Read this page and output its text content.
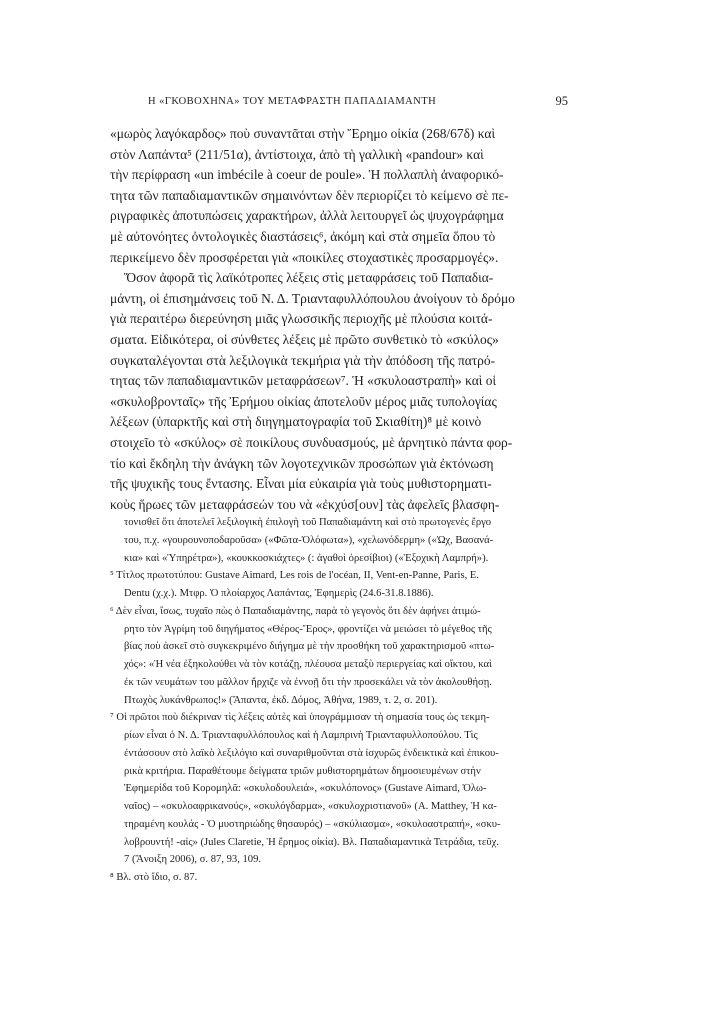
Η «ΓΚΟΒΟΧΗΝΑ» ΤΟΥ ΜΕΤΑΦΡΑΣΤΗ ΠΑΠΑΔΙΑΜΑΝΤΗ	95
«μωρὸς λαγόκαρδος» ποὺ συναντᾶται στὴν Ἔρημο οἰκία (268/67δ) καὶ
στὸν Λαπάντα⁵ (211/51α), ἀντίστοιχα, ἀπὸ τὴ γαλλικὴ «pandour» καὶ
τὴν περίφραση «un imbécile à coeur de poule». Ἡ πολλαπλὴ ἀναφορικό-
τητα τῶν παπαδιαμαντικῶν σημαινόντων δὲν περιορίζει τὸ κείμενο σὲ πε-
ριγραφικὲς ἀποτυπώσεις χαρακτήρων, ἀλλὰ λειτουργεῖ ὡς ψυχογράφημα
μὲ αὐτονόητες ὀντολογικὲς διαστάσεις⁶, ἀκόμη καὶ στὰ σημεῖα ὅπου τὸ
περικείμενο δὲν προσφέρεται γιὰ «ποικίλες στοχαστικὲς προσαρμογές».
Ὅσον ἀφορᾶ τὶς λαϊκότροπες λέξεις στὶς μεταφράσεις τοῦ Παπαδια-
μάντη, οἱ ἐπισημάνσεις τοῦ Ν. Δ. Τριανταφυλλόπουλου ἀνοίγουν τὸ δρόμο
γιὰ περαιτέρω διερεύνηση μιᾶς γλωσσικῆς περιοχῆς μὲ πλούσια κοιτά-
σματα. Εἰδικότερα, οἱ σύνθετες λέξεις μὲ πρῶτο συνθετικὸ τὸ «σκύλος»
συγκαταλέγονται στὰ λεξιλογικὰ τεκμήρια γιὰ τὴν ἀπόδοση τῆς πατρό-
τητας τῶν παπαδιαμαντικῶν μεταφράσεων⁷. Ἡ «σκυλοαστραπὴ» καὶ οἱ
«σκυλοβρονταῖς» τῆς Ἐρήμου οἰκίας ἀποτελοῦν μέρος μιᾶς τυπολογίας
λέξεων (ὑπαρκτῆς καὶ στὴ διηγηματογραφία τοῦ Σκιαθίτη)⁸ μὲ κοινὸ
στοιχεῖο τὸ «σκύλος» σὲ ποικίλους συνδυασμούς, μὲ ἀρνητικὸ πάντα φορ-
τίο καὶ ἔκδηλη τὴν ἀνάγκη τῶν λογοτεχνικῶν προσώπων γιὰ ἐκτόνωση
τῆς ψυχικῆς τους ἔντασης. Εἶναι μία εὐκαιρία γιὰ τοὺς μυθιστορηματι-
κοὺς ἥρωες τῶν μεταφράσεών του νὰ «ἐκχύσ[ουν] τὰς ἀφελεῖς βλασφη-
τονισθεῖ ὅτι ἀποτελεῖ λεξιλογικὴ ἐπιλογὴ τοῦ Παπαδιαμάντη καὶ στὸ πρωτογενὲς ἔργο
του, π.χ. «γουρουνοποδαροῦσα» («Φῶτα-Ὀλόφωτα»), «χελωνόδερμη» («Ὡχ, Βασανά-
κια» καὶ «Ὑπηρέτρα»), «κουκκοσκιάχτες» (: ἀγαθοὶ ὀρεσίβιοι) («Ἐξοχικὴ Λαμπρή»).
⁵ Τίτλος πρωτοτύπου: Gustave Aimard, Les rois de l'océan, II, Vent-en-Panne, Paris, E.
Dentu (χ.χ.). Μτφρ. Ὁ πλοίαρχος Λαπάντας, Ἐφημερὶς (24.6-31.8.1886).
⁶ Δὲν εἶναι, ἴσως, τυχαῖο πὼς ὁ Παπαδιαμάντης, παρὰ τὸ γεγονὸς ὅτι δὲν ἀφήνει ἀτιμώ-
ρητο τὸν Ἀγρίμη τοῦ διηγήματος «Θέρος-Ἔρος», φροντίζει νὰ μειώσει τὸ μέγεθος τῆς
βίας ποὺ ἀσκεῖ στὸ συγκεκριμένο διήγημα μὲ τὴν προσθήκη τοῦ χαρακτηρισμοῦ «πτω-
χός»: «Ἡ νέα ἐξηκολούθει νὰ τὸν κοτάζῃ, πλέουσα μεταξὺ περιεργείας καὶ οἴκτου, καὶ
ἐκ τῶν νευμάτων του μᾶλλον ἤρχιζε νὰ ἐννοῇ ὅτι τὴν προσεκάλει νὰ τὸν ἀκολουθήσῃ.
Πτωχὸς λυκάνθρωπος!» (Ἅπαντα, ἐκδ. Δόμος, Ἀθήνα, 1989, τ. 2, σ. 201).
⁷ Οἱ πρῶτοι ποὺ διέκριναν τὶς λέξεις αὐτὲς καὶ ὑπογράμμισαν τὴ σημασία τους ὡς τεκμη-
ρίων εἶναι ὁ Ν. Δ. Τριανταφυλλόπουλος καὶ ἡ Λαμπρινὴ Τριανταφυλλοπούλου. Τὶς
ἐντάσσουν στὸ λαϊκὸ λεξιλόγιο καὶ συναριθμοῦνται στὰ ἰσχυρῶς ἐνδεικτικὰ καὶ ἐπικου-
ρικὰ κριτήρια. Παραθέτουμε δείγματα τριῶν μυθιστορημάτων δημοσιευμένων στὴν
Ἐφημερίδα τοῦ Κορομηλᾶ: «σκυλοδουλειά», «σκυλόπονος» (Gustave Aimard, Ὀλω-
ναῖος) – «σκυλοαφρικανούς», «σκυλόγδαρμα», «σκυλοχριστιανοῦ» (A. Matthey, Ἡ κα-
τηραμένη κουλάς - Ὁ μυστηριώδης θησαυρός) – «σκύλιασμα», «σκυλοαστραπή», «σκυ-
λοβρουντή! -αἰς» (Jules Claretie, Ἡ ἔρημος οἰκία). Βλ. Παπαδιαμαντικὰ Τετράδια, τεῦχ.
7 (Ἄνοιξη 2006), σ. 87, 93, 109.
⁸ Βλ. στὸ ἴδιο, σ. 87.
